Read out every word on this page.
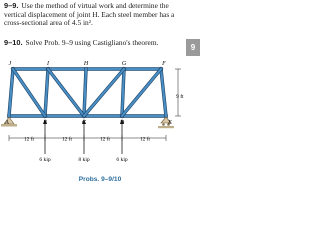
9–9. Use the method of virtual work and determine the vertical displacement of joint H. Each steel member has a cross-sectional area of 4.5 in².

9–10. Solve Prob. 9–9 using Castigliano's theorem.

9
J	I	H	G	F
A	B	C	D	E
9 ft
12 ft	12 ft	12 ft	12 ft
6 kip	8 kip	6 kip
Probs. 9–9/10
